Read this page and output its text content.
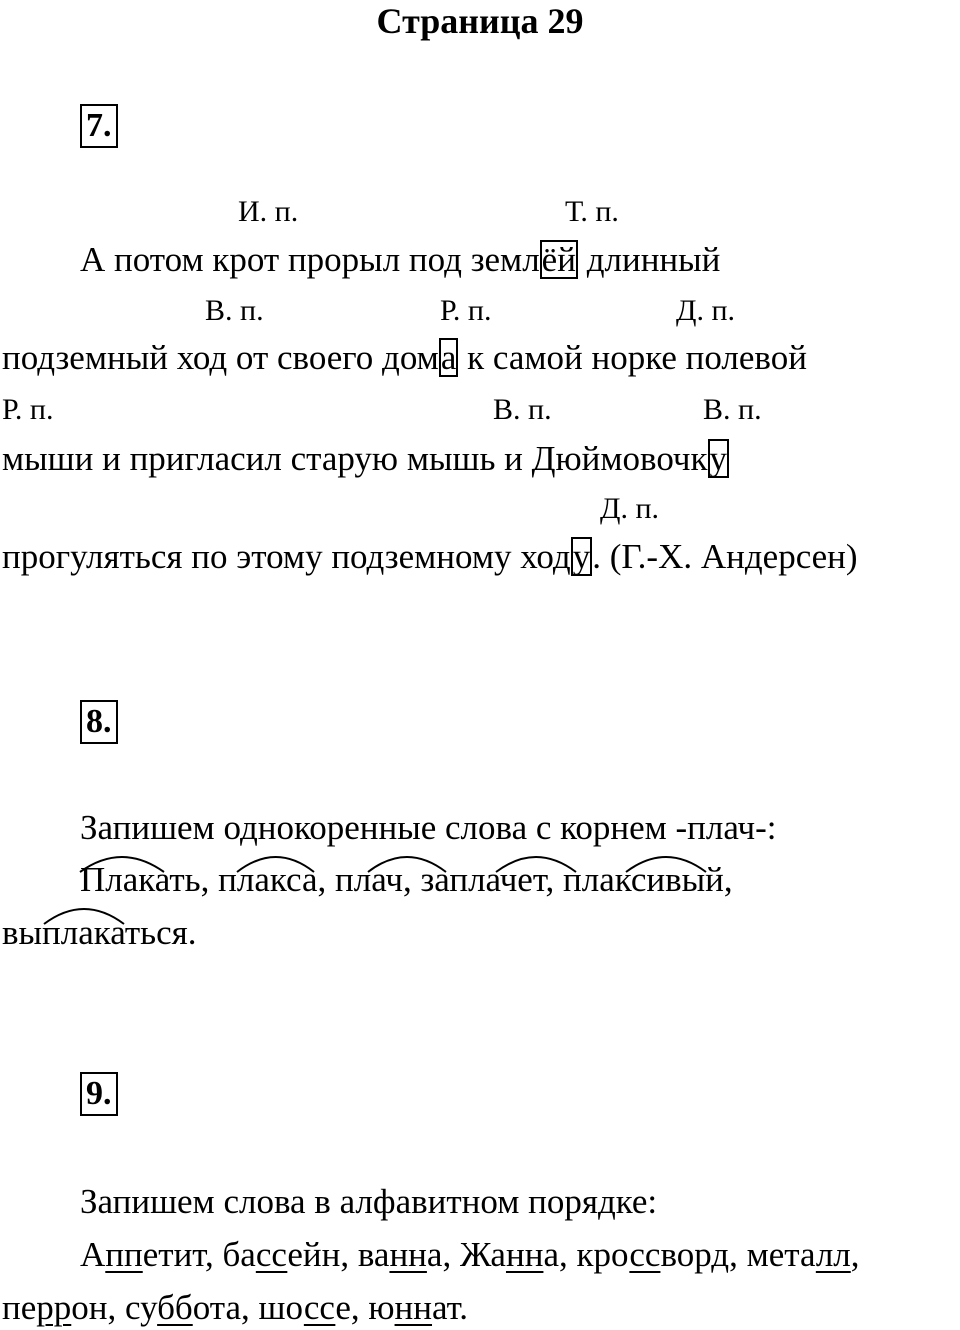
Страница 29
7.
И. п.	Т. п.
А потом крот прорыл под землёй длинный
В. п.	Р. п.	Д. п.
подземный ход от своего дома к самой норке полевой
Р. п.	В. п.	В. п.
мыши и пригласил старую мышь и Дюймовочку
Д. п.
прогуляться по этому подземному ходу. (Г.-Х. Андерсен)
8.
Запишем однокоренные слова с корнем -плач-:
Плакать, плакса, плач, заплачет, плаксивый,
выплакаться.
9.
Запишем слова в алфавитном порядке:
Аппетит, бассейн, ванна, Жанна, кроссворд, металл,
перрон, суббота, шоссе, юннат.
